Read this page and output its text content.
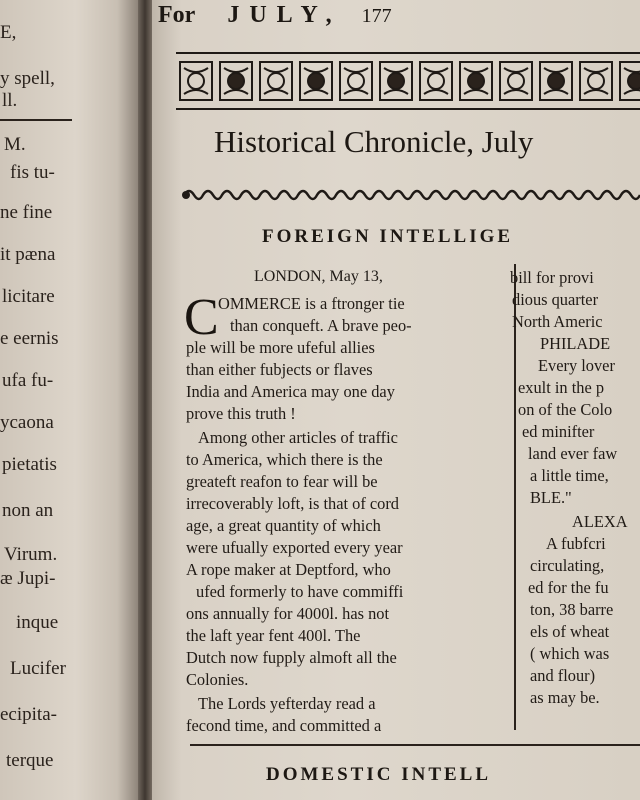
E,
y spell,
ll.
M.
fis tu-
ne fine
it pæna
licitare
e eernis
ufa fu-
ycaona
pietatis
non an
Virum.
æ Jupi-
inque
Lucifer
ecipita-
terque
For JULY, 177
Historical Chronicle, July
FOREIGN INTELLIGE
LONDON, May 13,
C OMMERCE is a ftronger tie
than conqueft. A brave peo-
ple will be more ufeful allies
than either fubjects or flaves
India and America may one day
prove this truth !
Among other articles of traffic
to America, which there is the
greateft reafon to fear will be
irrecoverably loft, is that of cord
age, a great quantity of which
were ufually exported every year
A rope maker at Deptford, who
ufed formerly to have commiffi
ons annually for 4000l. has not
the laft year fent 400l. The
Dutch now fupply almoft all the
Colonies.
The Lords yefterday read a
fecond time, and committed a
bill for provi
dious quarter
North Americ
PHILADE
Every lover
exult in the p
on of the Colo
ed minifter
land ever faw
a little time,
BLE."
ALEXA
A fubfcri
circulating,
ed for the fu
ton, 38 barre
els of wheat
( which was
and flour)
as may be.
DOMESTIC INTELL
